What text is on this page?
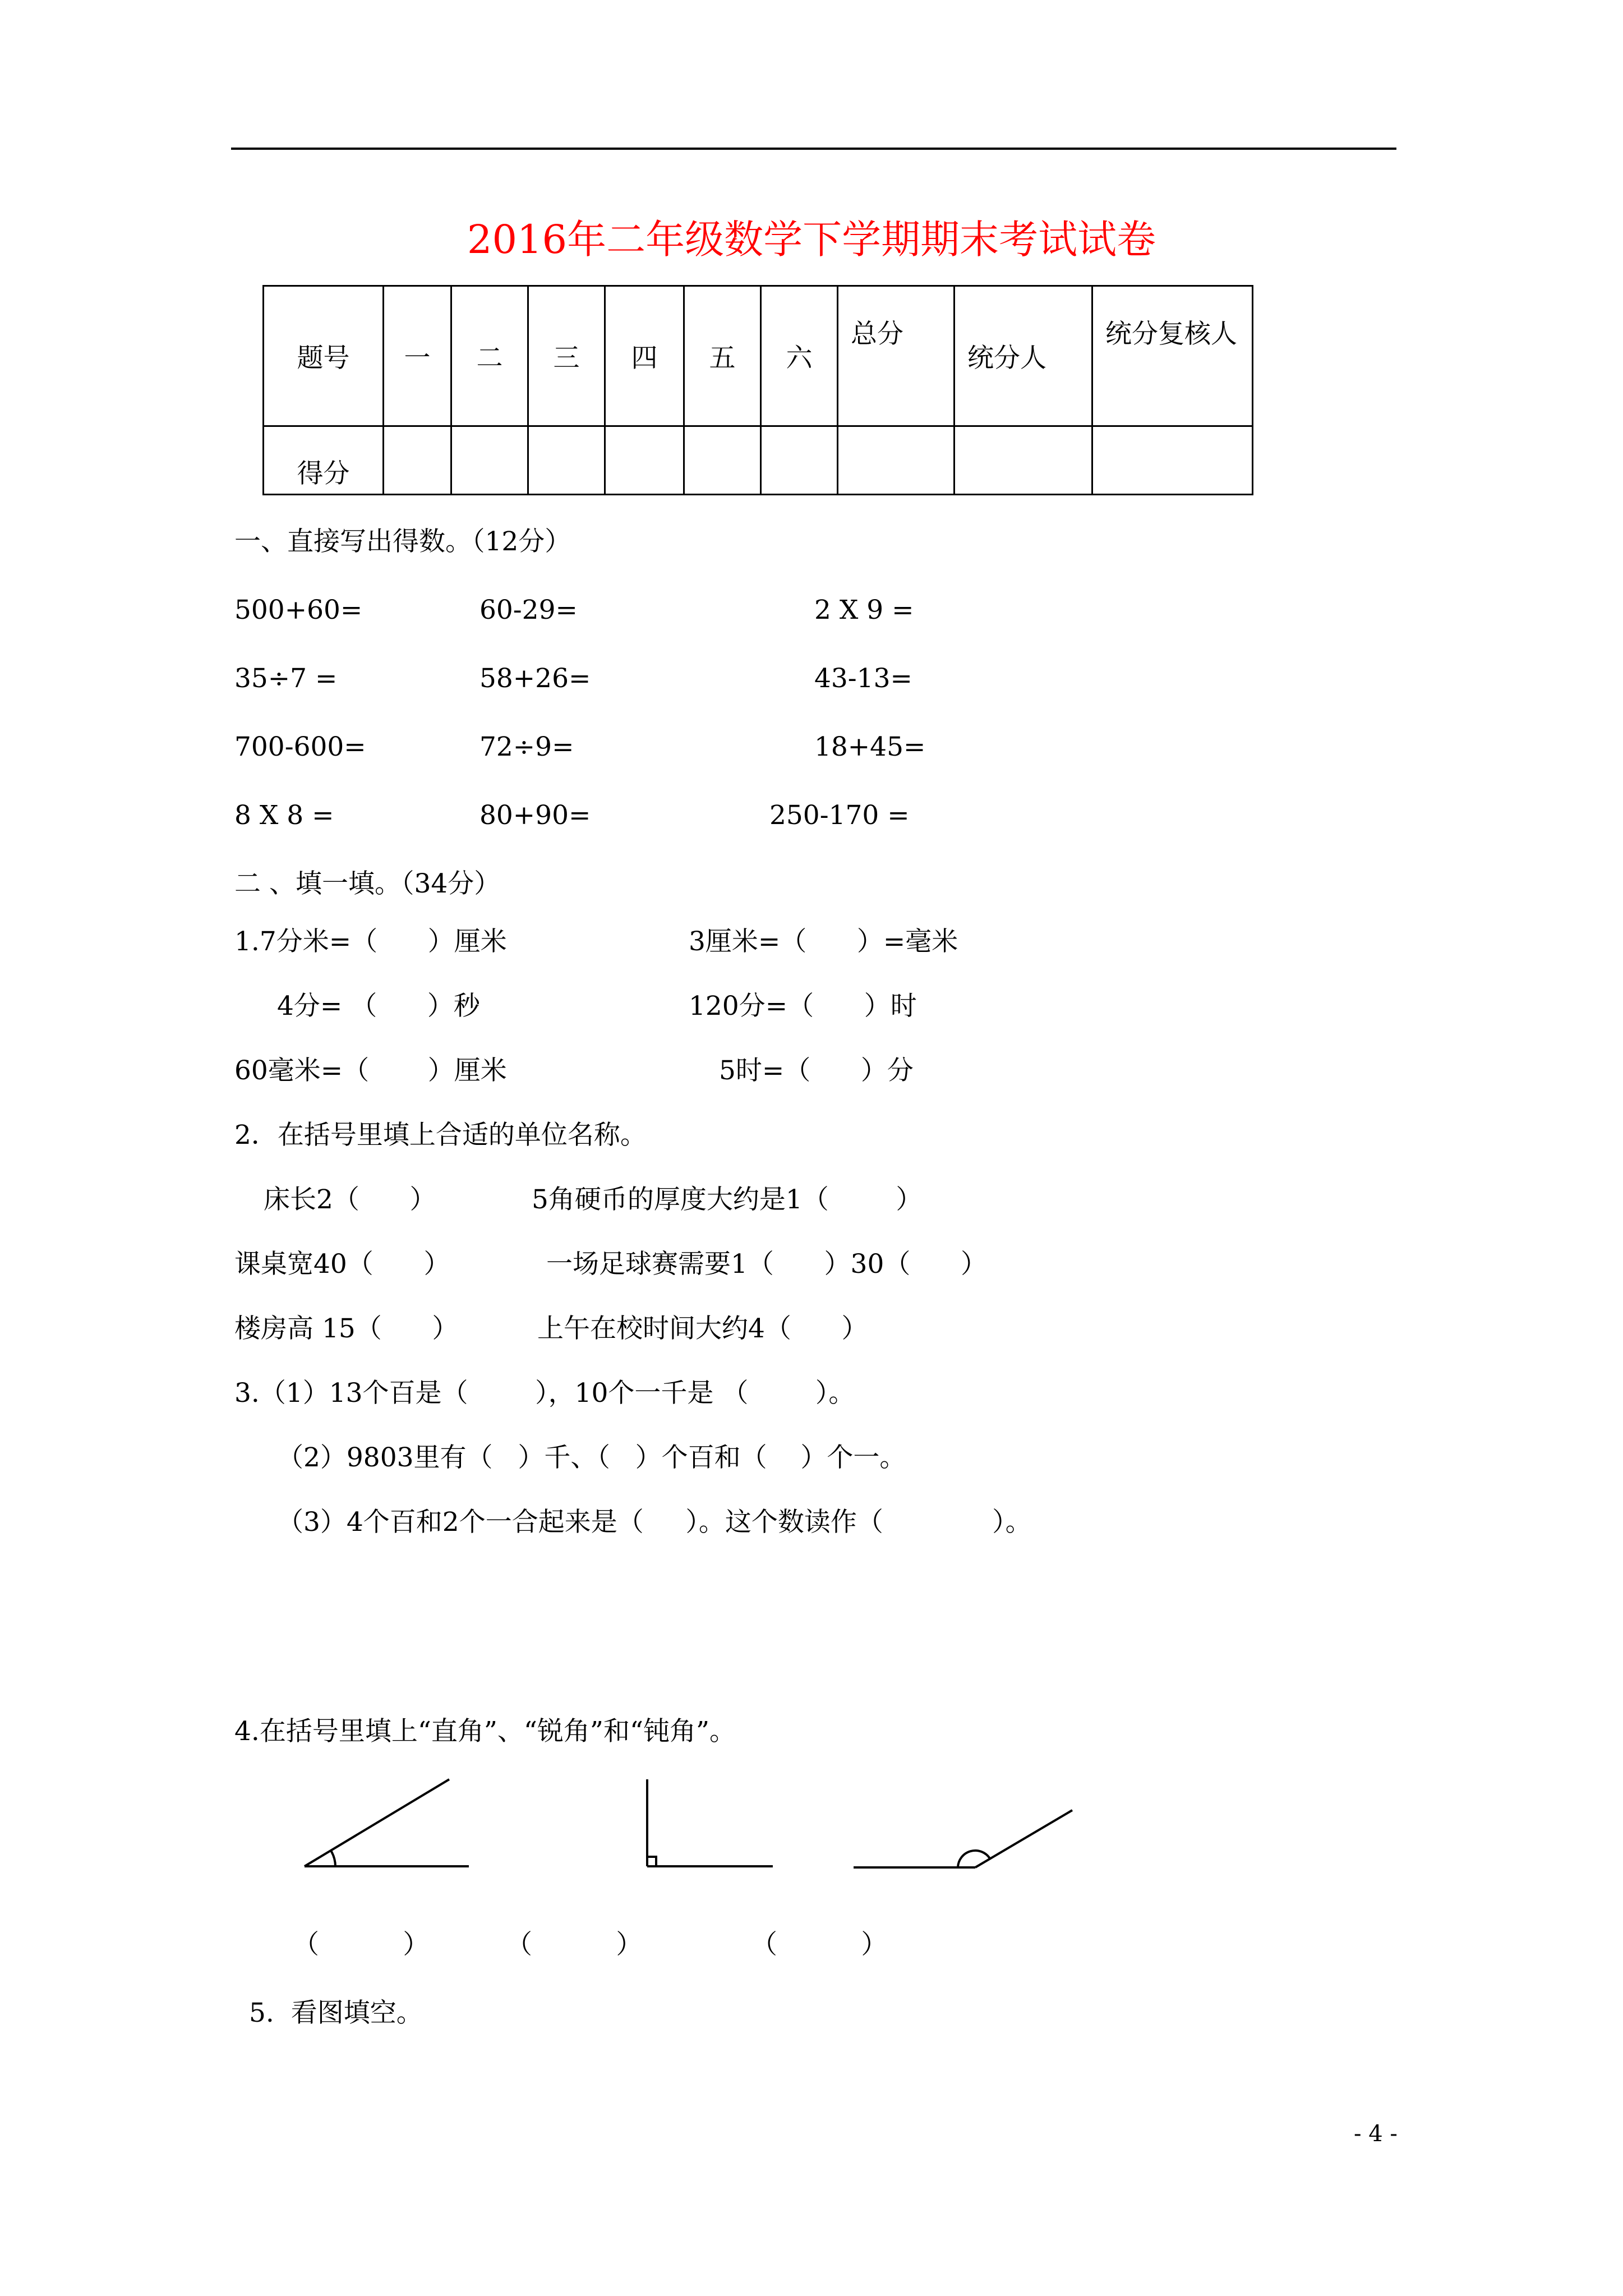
2016年二年级数学下学期期末考试试卷
题号	一	二	三	四	五	六	总分	统分人	统分复核人
得分									
一、直接写出得数。（12分）
500+60=	60-29=	2 X 9 =
35÷7 =	58+26=	43-13=
700-600=	72÷9=	18+45=
8 X 8 =	80+90=	250-170 =
二 、填一填。（34分）
1.7分米=（      ）厘米	3厘米=（      ）=毫米
4分= （      ）秒	120分=（      ）时
60毫米=（       ）厘米	5时=（      ）分
2．在括号里填上合适的单位名称。
床长2（      ）	5角硬币的厚度大约是1（        ）
课桌宽40（      ）	一场足球赛需要1（      ）30（      ）
楼房高 15（      ）	上午在校时间大约4（      ）
3.（1）13个百是（        ），10个一千是 （        ）。
（2）9803里有（   ）千、（   ）个百和（    ）个一。
（3）4个百和2个一合起来是（     ）。这个数读作（             ）。
4.在括号里填上“直角”、“锐角”和“钝角”。
（          ）	（          ）	（          ）
5.  看图填空。
- 4 -
